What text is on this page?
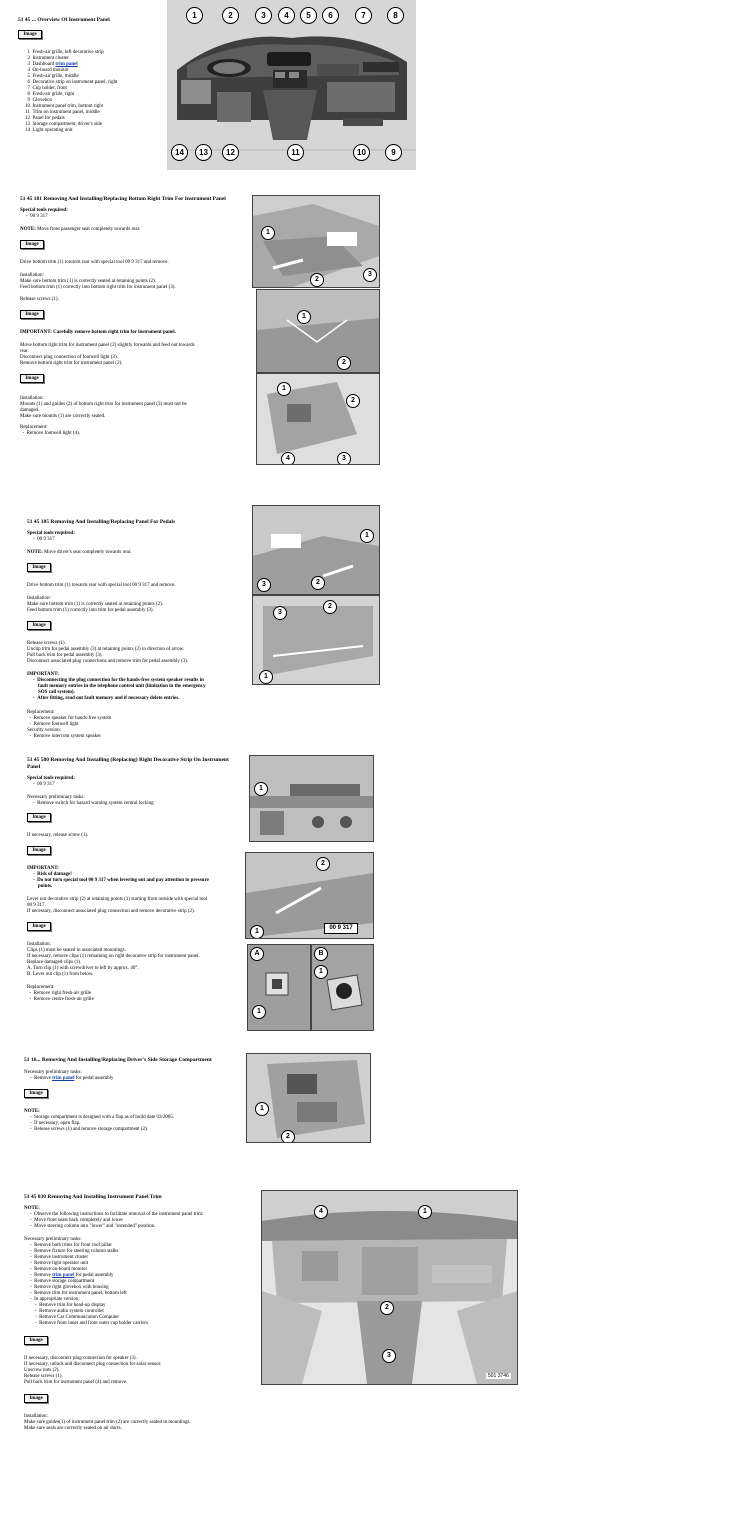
51 45 ... Overview Of Instrument Panel
Image
1 Fresh-air grille, left decorative strip
2 Instrument cluster
3 Dashboard trim panel
4 On-board monitor
5 Fresh-air grille, middle
6 Decorative strip on instrument panel, right
7 Cup holder, front
8 Fresh-air grille, right
9 Glovebox
10 Instrument panel trim, bottom right
11 Trim on instrument panel, middle
12 Panel for pedals
13 Storage compartment, driver's side
14 Light operating unit
1	2	3	4	5	6	7	8
14	13	12	11	10	9
51 45 181 Removing And Installing/Replacing Bottom Right Trim For Instrument Panel
Special tools required:
-  00 9 317
NOTE: Move front passenger seat completely towards rear.
Image
Drive bottom trim (1) towards rear with special tool 00 9 317 and remove.
Installation:
Make sure bottom trim (1) is correctly seated at retaining points (2).
Feed bottom trim (1) correctly into bottom right trim for instrument panel (3).
Release screws (1).
Image
IMPORTANT: Carefully remove bottom right trim for instrument panel.
Move bottom right trim for instrument panel (2) slightly forwards and feed out towards
rear.
Disconnect plug connection of footwell light (3).
Remove bottom right trim for instrument panel (2).
Image
Installation:
Mounts (1) and guides (2) of bottom right trim for instrument panel (3) must not be
damaged.
Make sure mounts (1) are correctly seated.
Replacement:
-  Remove footwell light (4).
1
2
3
1
2
1
2
4	3
51 45 185 Removing And Installing/Replacing Panel For Pedals
Special tools required:
-  00 9 317
NOTE: Move driver's seat completely towards rear.
Image
Drive bottom trim (1) towards rear with special tool 00 9 317 and remove.
Installation:
Make sure bottom trim (1) is correctly seated at retaining points (2).
Feed bottom trim (1) correctly into trim for pedal assembly (3).
Image
Release screws (1).
Unclip trim for pedal assembly (3) at retaining points (2) in direction of arrow.
Pull back trim for pedal assembly (3).
Disconnect associated plug connections and remove trim for pedal assembly (3).
IMPORTANT:
-  Disconnecting the plug connection for the hands-free system speaker results in
fault memory entries in the telephone control unit (limitation in the emergency
SOS call system).
-  After fitting, read out fault memory and if necessary delete entries.
Replacement:
-  Remove speaker for hands-free system
-  Remove footwell light
Security version:
-  Remove intercom system speaker
1
2
3
2
3
1
51 45 580 Removing And Installing (Replacing) Right Decorative Strip On Instrument
Panel
Special tools required:
-  00 9 317
Necessary preliminary tasks:
-  Remove switch for hazard warning system central locking
Image
If necessary, release screw (1).
Image
IMPORTANT:
-  Risk of damage!
-  Do not turn special tool 00 9 317 when levering out and pay attention to pressure
points.
Lever out decorative strip (2) at retaining points (1) starting from outside with special tool
00 9 317.
If necessary, disconnect associated plug connection and remove decorative strip (2).
Image
Installation:
Clips (1) must be seated in associated mountings.
If necessary, remove clips (1) remaining on right decorative strip for instrument panel.
Replace damaged clips (1).
A. Turn clip (1) with screwdriver to left by approx. 40°.
B. Lever out clip (1) from below.
Replacement:
-  Remove right fresh-air grille
-  Remove centre fresh-air grille
1
2
1	00 9 317
A
1
B
1
51 16... Removing And Installing/Replacing Driver's Side Storage Compartment
Necessary preliminary tasks:
-  Remove trim panel for pedal assembly
Image
NOTE:
-  Storage compartment is designed with a flap as of build date 03/2005.
-  If necessary, open flap.
-  Release screws (1) and remove storage compartment (2).
1
2
51 45 030 Removing And Installing Instrument Panel Trim
NOTE:
-  Observe the following instructions to facilitate removal of the instrument panel trim:
-  Move front seats back completely and lower
-  Move steering column into "lower" and "extended" position.
Necessary preliminary tasks:
-  Remove both trims for front roof pillar
-  Remove fixture for steering column stalks
-  Remove instrument cluster
-  Remove light operator unit
-  Remove on-board monitor
-  Remove trim panel for pedal assembly
-  Remove storage compartment
-  Remove right glovebox with housing
-  Remove trim for instrument panel, bottom left
-  In appropriate version:
-  Remove trim for head-up display
-  Remove audio system controller
-  Remove Car Communication Computer
-  Remove front inner and front outer cup holder carriers
Image
If necessary, disconnect plug connection for speaker (3).
If necessary, unlock and disconnect plug connection for solar sensor.
Unscrew nuts (2).
Release screws (1).
Pull back trim for instrument panel (4) and remove.
Image
Installation:
Make sure guides(1) of instrument panel trim (2) are correctly seated in mountings.
Make sure seals are correctly seated on air ducts.
4	1
2
3
501 3746
